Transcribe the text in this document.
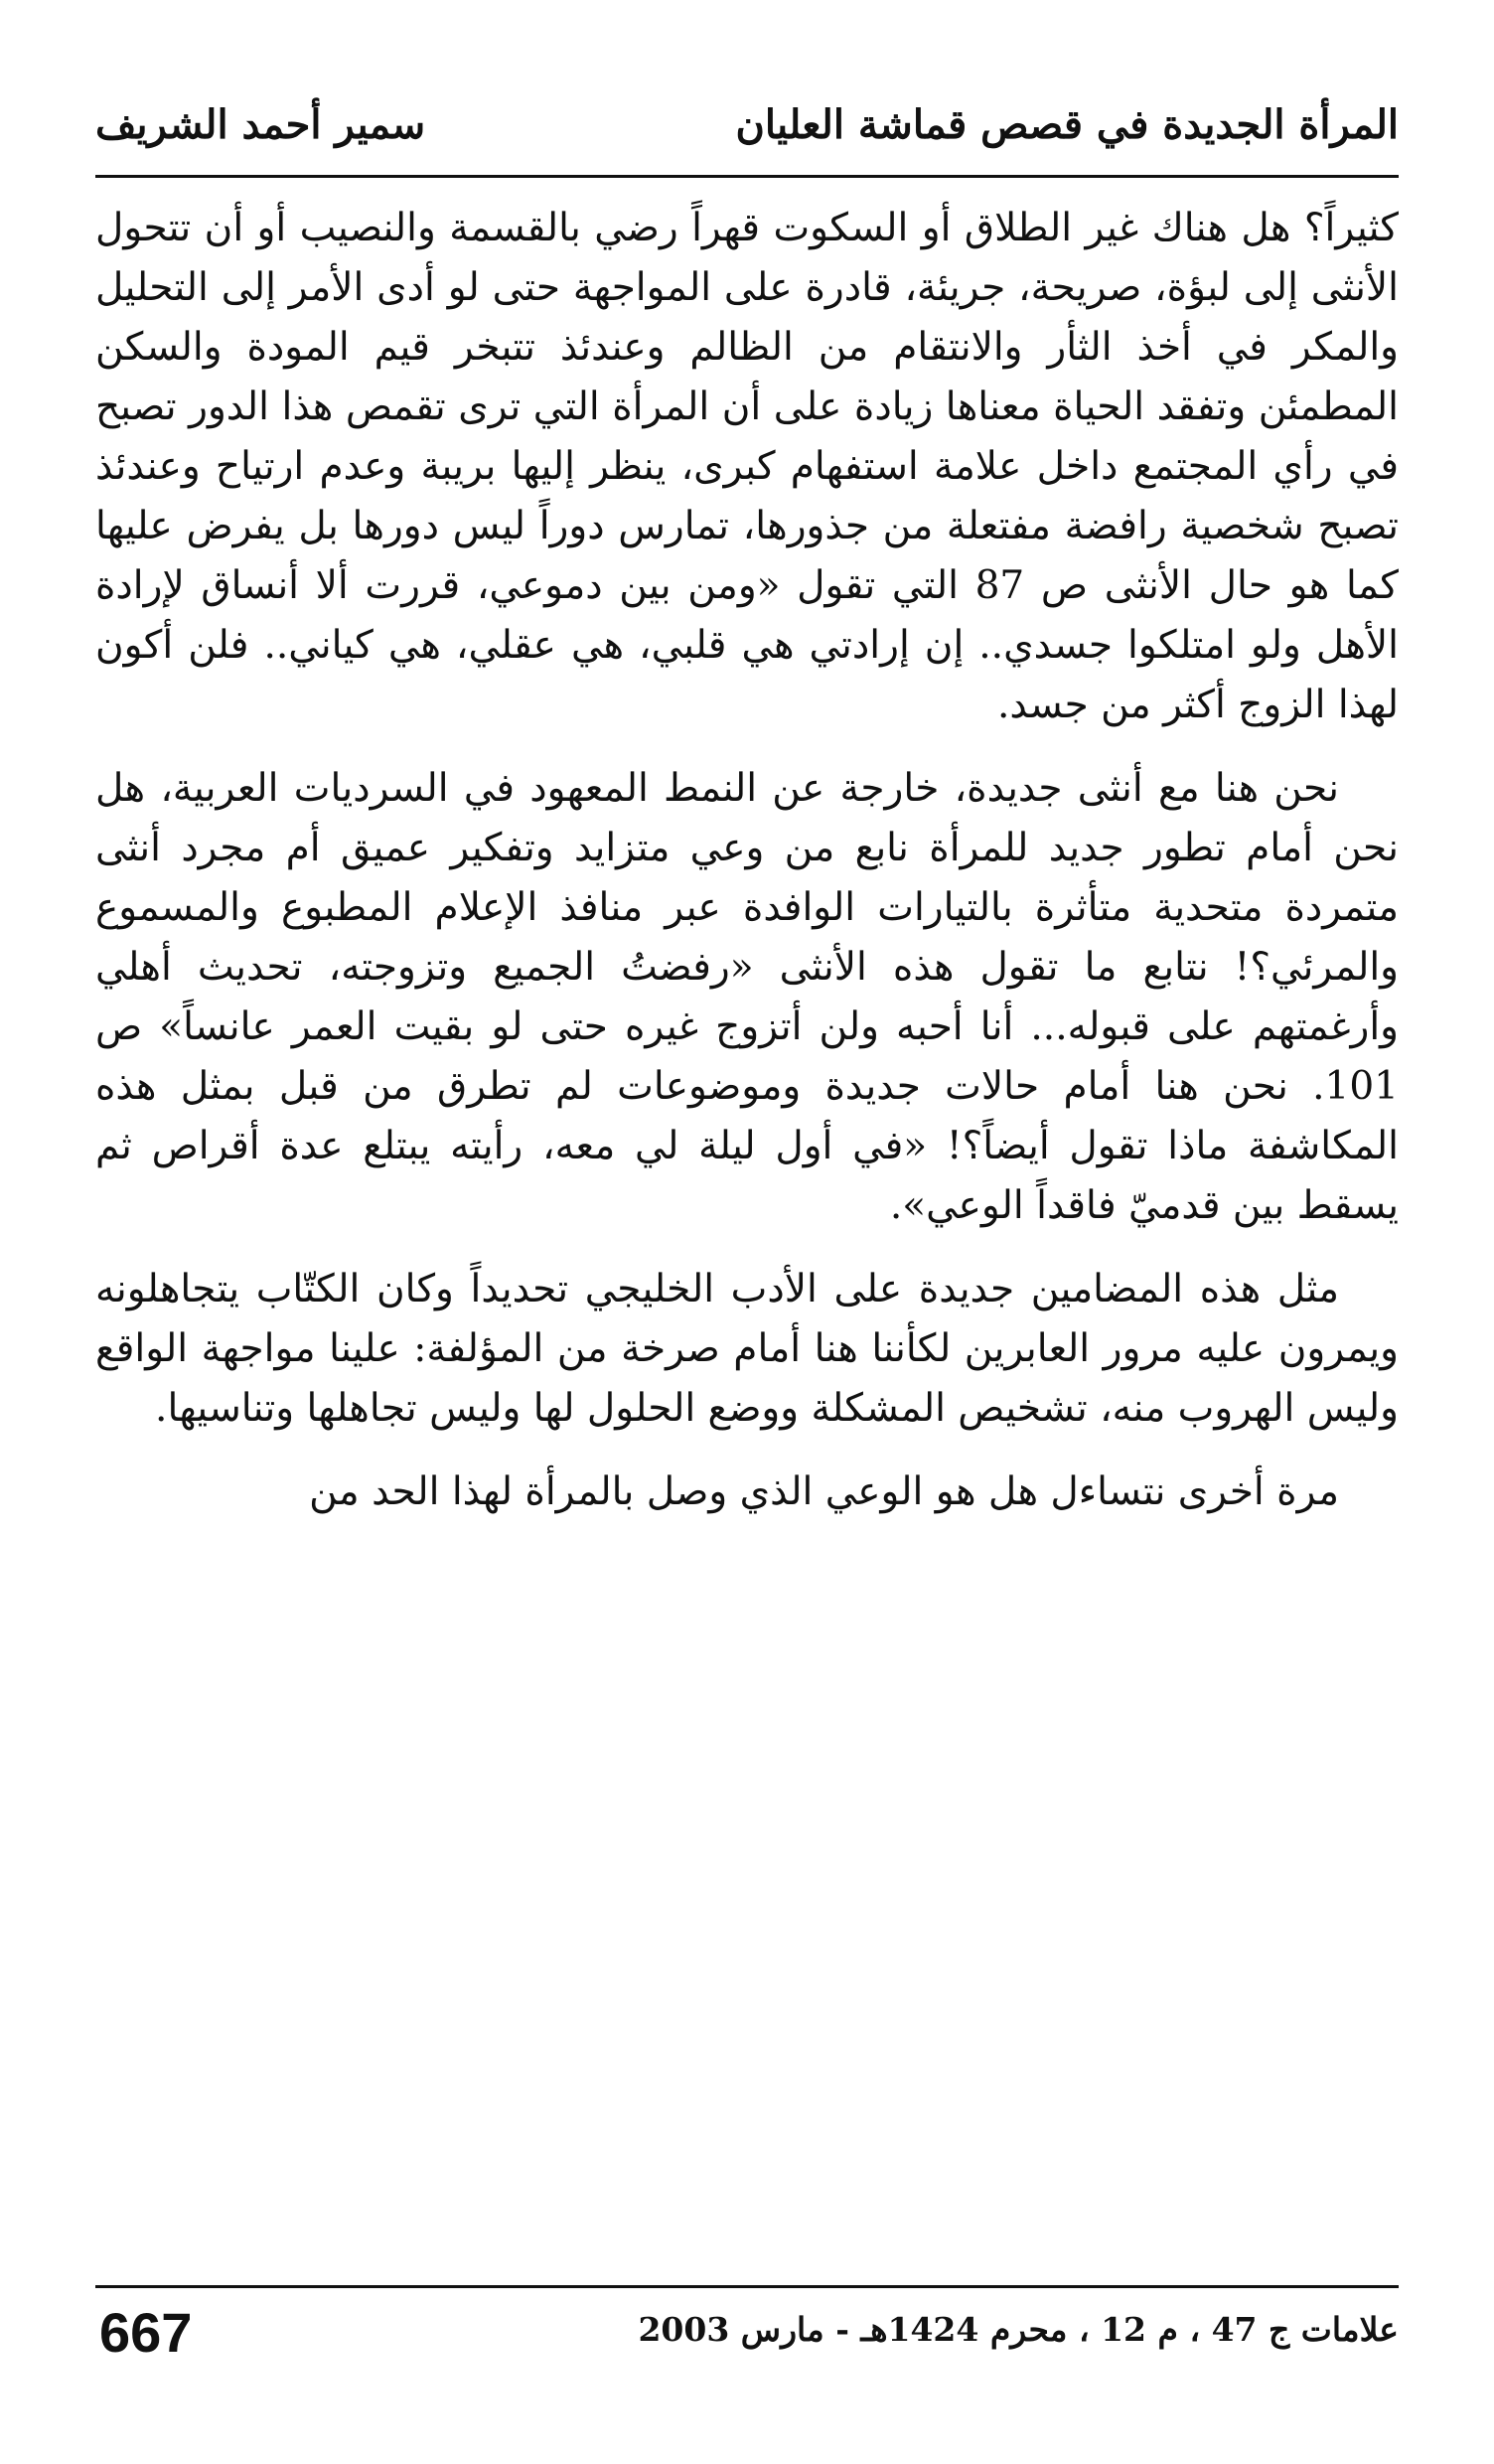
المرأة الجديدة في قصص قماشة العليان
سمير أحمد الشريف

كثيراً؟ هل هناك غير الطلاق أو السكوت قهراً رضي بالقسمة والنصيب أو أن تتحول الأنثى إلى لبؤة، صريحة، جريئة، قادرة على المواجهة حتى لو أدى الأمر إلى التحليل والمكر في أخذ الثأر والانتقام من الظالم وعندئذ تتبخر قيم المودة والسكن المطمئن وتفقد الحياة معناها زيادة على أن المرأة التي ترى تقمص هذا الدور تصبح في رأي المجتمع داخل علامة استفهام كبرى، ينظر إليها بريبة وعدم ارتياح وعندئذ تصبح شخصية رافضة مفتعلة من جذورها، تمارس دوراً ليس دورها بل يفرض عليها كما هو حال الأنثى ص 87 التي تقول «ومن بين دموعي، قررت ألا أنساق لإرادة الأهل ولو امتلكوا جسدي.. إن إرادتي هي قلبي، هي عقلي، هي كياني.. فلن أكون لهذا الزوج أكثر من جسد.

نحن هنا مع أنثى جديدة، خارجة عن النمط المعهود في السرديات العربية، هل نحن أمام تطور جديد للمرأة نابع من وعي متزايد وتفكير عميق أم مجرد أنثى متمردة متحدية متأثرة بالتيارات الوافدة عبر منافذ الإعلام المطبوع والمسموع والمرئي؟! نتابع ما تقول هذه الأنثى «رفضتُ الجميع وتزوجته، تحديث أهلي وأرغمتهم على قبوله... أنا أحبه ولن أتزوج غيره حتى لو بقيت العمر عانساً» ص 101. نحن هنا أمام حالات جديدة وموضوعات لم تطرق من قبل بمثل هذه المكاشفة ماذا تقول أيضاً؟! «في أول ليلة لي معه، رأيته يبتلع عدة أقراص ثم يسقط بين قدميّ فاقداً الوعي».

مثل هذه المضامين جديدة على الأدب الخليجي تحديداً وكان الكتّاب يتجاهلونه ويمرون عليه مرور العابرين لكأننا هنا أمام صرخة من المؤلفة: علينا مواجهة الواقع وليس الهروب منه، تشخيص المشكلة ووضع الحلول لها وليس تجاهلها وتناسيها.

مرة أخرى نتساءل هل هو الوعي الذي وصل بالمرأة لهذا الحد من

علامات ج 47 ، م 12 ، محرم 1424هـ - مارس 2003
667
